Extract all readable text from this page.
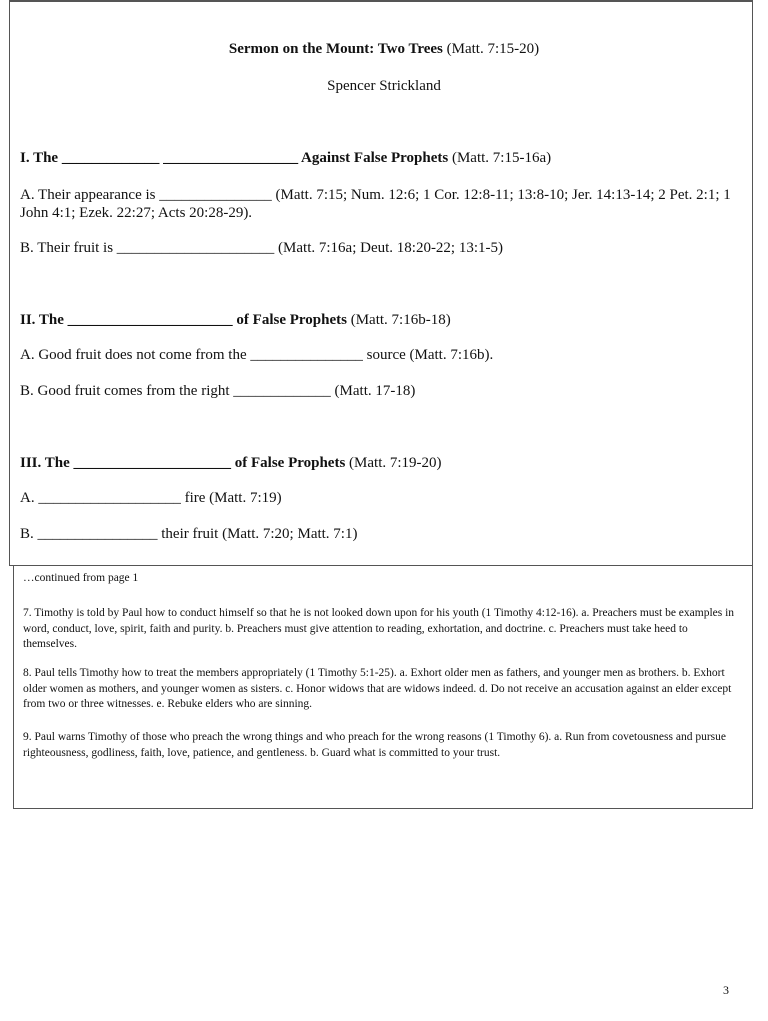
Sermon on the Mount: Two Trees (Matt. 7:15-20)
Spencer Strickland
I. The _____________ __________________ Against False Prophets (Matt. 7:15-16a)
A. Their appearance is _______________ (Matt. 7:15; Num. 12:6; 1 Cor. 12:8-11; 13:8-10; Jer. 14:13-14; 2 Pet. 2:1; 1 John 4:1; Ezek. 22:27; Acts 20:28-29).
B. Their fruit is _____________________ (Matt. 7:16a; Deut. 18:20-22; 13:1-5)
II. The ______________________ of False Prophets (Matt. 7:16b-18)
A. Good fruit does not come from the _______________ source (Matt. 7:16b).
B. Good fruit comes from the right _____________ (Matt. 17-18)
III. The _____________________ of False Prophets (Matt. 7:19-20)
A. ___________________ fire (Matt. 7:19)
B. ________________ their fruit (Matt. 7:20; Matt. 7:1)
…continued from page 1
7. Timothy is told by Paul how to conduct himself so that he is not looked down upon for his youth (1 Timothy 4:12-16). a. Preachers must be examples in word, conduct, love, spirit, faith and purity. b. Preachers must give attention to reading, exhortation, and doctrine. c. Preachers must take heed to themselves.
8. Paul tells Timothy how to treat the members appropriately (1 Timothy 5:1-25). a. Exhort older men as fathers, and younger men as brothers. b. Exhort older women as mothers, and younger women as sisters. c. Honor widows that are widows indeed. d. Do not receive an accusation against an elder except from two or three witnesses. e. Rebuke elders who are sinning.
9. Paul warns Timothy of those who preach the wrong things and who preach for the wrong reasons (1 Timothy 6). a. Run from covetousness and pursue righteousness, godliness, faith, love, patience, and gentleness. b. Guard what is committed to your trust.
3
